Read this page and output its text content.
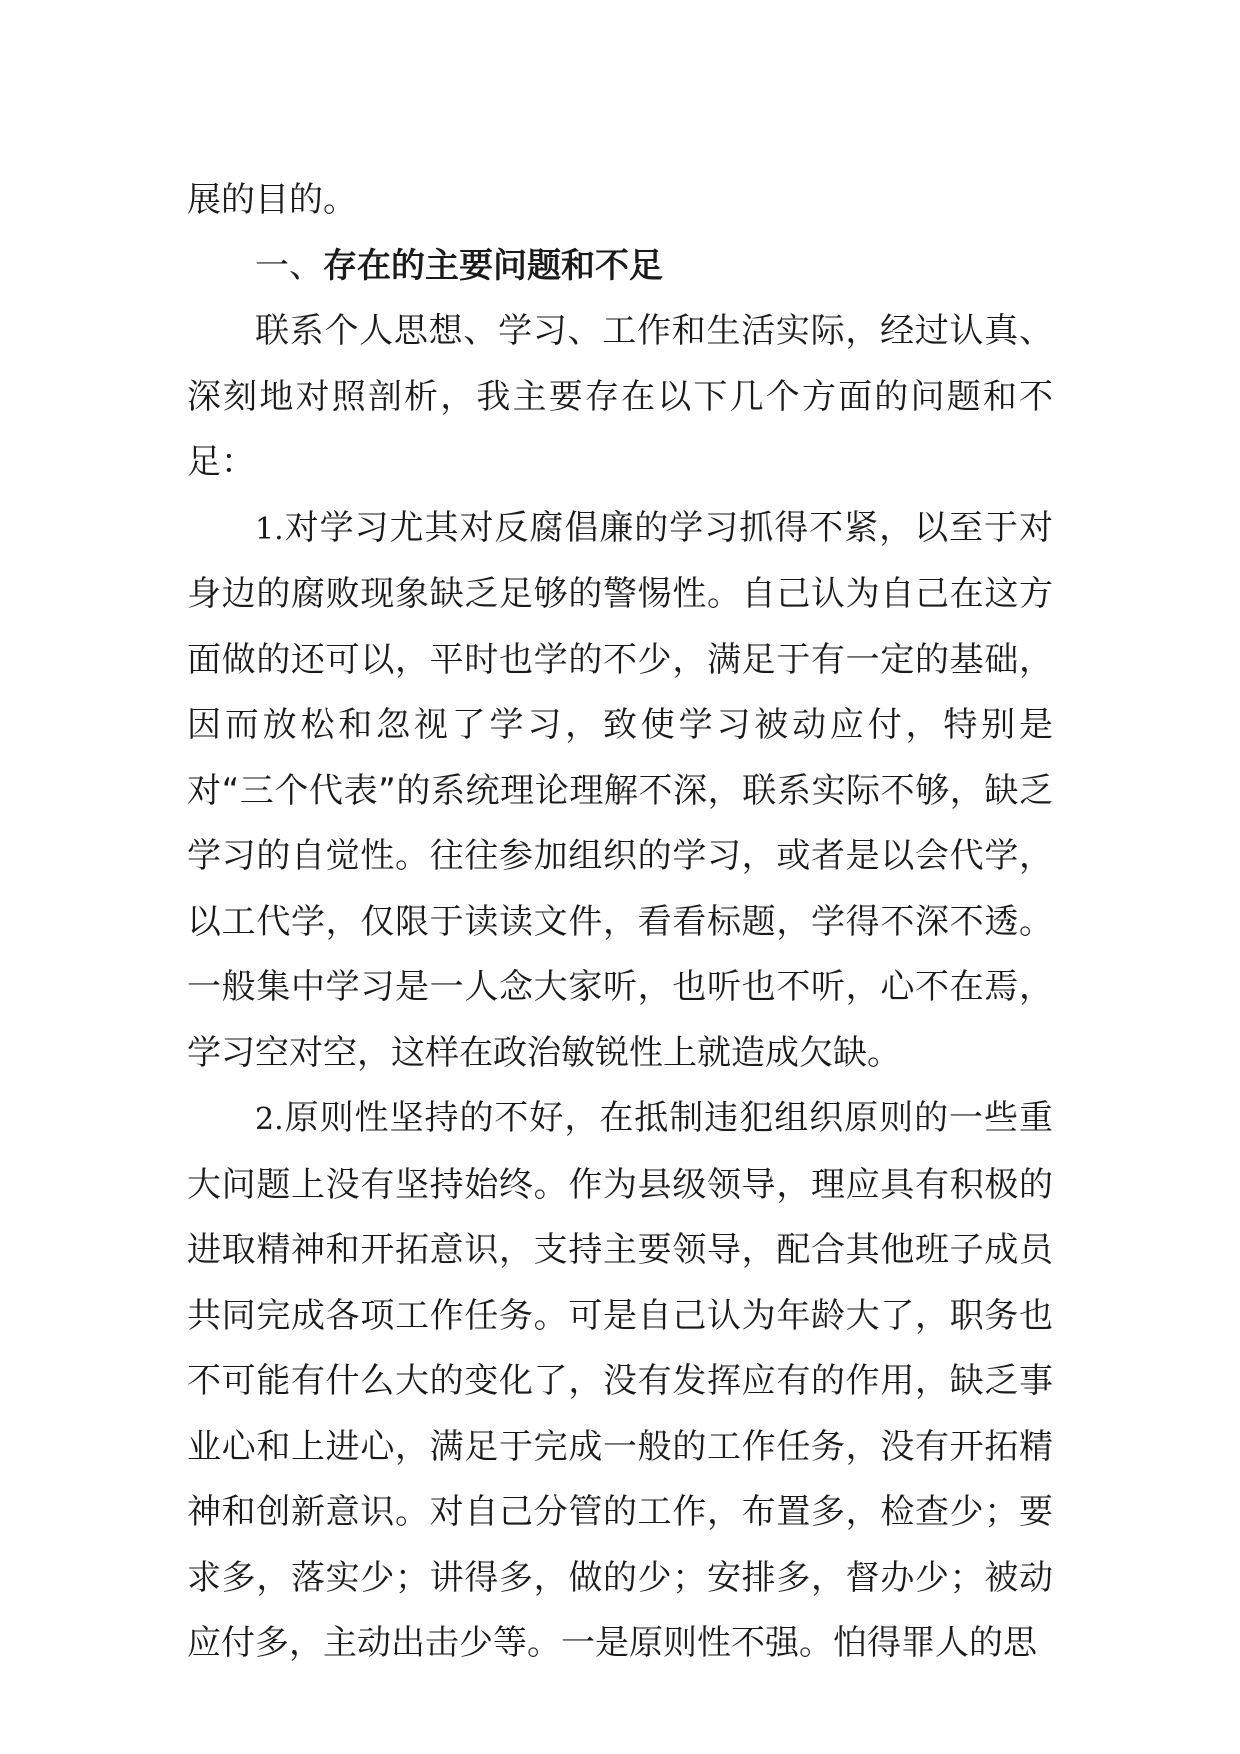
展的目的。

一、存在的主要问题和不足

联系个人思想、学习、工作和生活实际，经过认真、深刻地对照剖析，我主要存在以下几个方面的问题和不足：

1.对学习尤其对反腐倡廉的学习抓得不紧，以至于对身边的腐败现象缺乏足够的警惕性。自己认为自己在这方面做的还可以，平时也学的不少，满足于有一定的基础，因而放松和忽视了学习，致使学习被动应付，特别是对“三个代表”的系统理论理解不深，联系实际不够，缺乏学习的自觉性。往往参加组织的学习，或者是以会代学，以工代学，仅限于读读文件，看看标题，学得不深不透。一般集中学习是一人念大家听，也听也不听，心不在焉，学习空对空，这样在政治敏锐性上就造成欠缺。

2.原则性坚持的不好，在抵制违犯组织原则的一些重大问题上没有坚持始终。作为县级领导，理应具有积极的进取精神和开拓意识，支持主要领导，配合其他班子成员共同完成各项工作任务。可是自己认为年龄大了，职务也不可能有什么大的变化了，没有发挥应有的作用，缺乏事业心和上进心，满足于完成一般的工作任务，没有开拓精神和创新意识。对自己分管的工作，布置多，检查少；要求多，落实少；讲得多，做的少；安排多，督办少；被动应付多，主动出击少等。一是原则性不强。怕得罪人的思
